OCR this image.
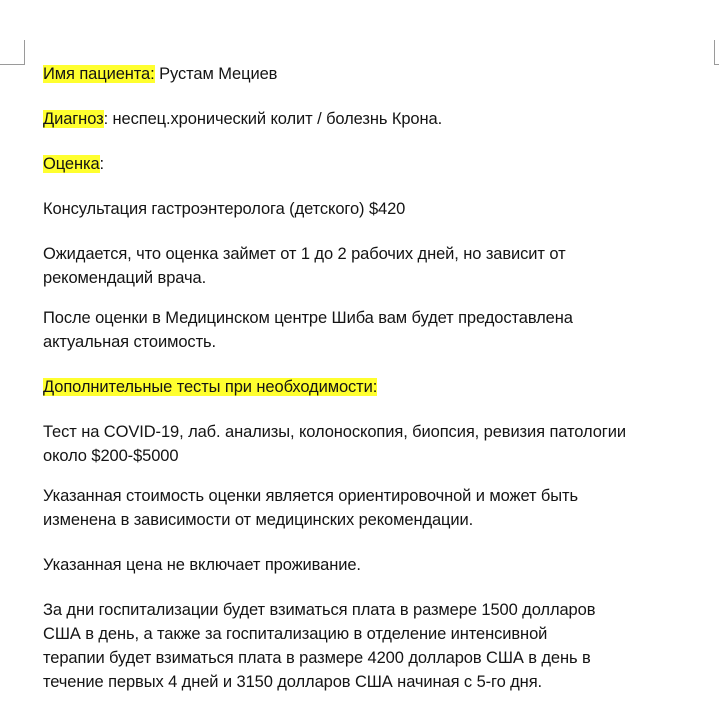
Имя пациента: Рустам Мециев

Диагноз: неспец.хронический колит / болезнь Крона.

Оценка:

Консультация гастроэнтеролога (детского) $420

Ожидается, что оценка займет от 1 до 2 рабочих дней, но зависит от

рекомендаций врача.

После оценки в Медицинском центре Шиба вам будет предоставлена

актуальная стоимость.

Дополнительные тесты при необходимости:

Тест на COVID-19, лаб. анализы, колоноскопия, биопсия, ревизия патологии

около $200-$5000

Указанная стоимость оценки является ориентировочной и может быть

изменена в зависимости от медицинских рекомендации.

Указанная цена не включает проживание.

За дни госпитализации будет взиматься плата в размере 1500 долларов

США в день, а также за госпитализацию в отделение интенсивной

терапии будет взиматься плата в размере 4200 долларов США в день в

течение первых 4 дней и 3150 долларов США начиная с 5-го дня.
